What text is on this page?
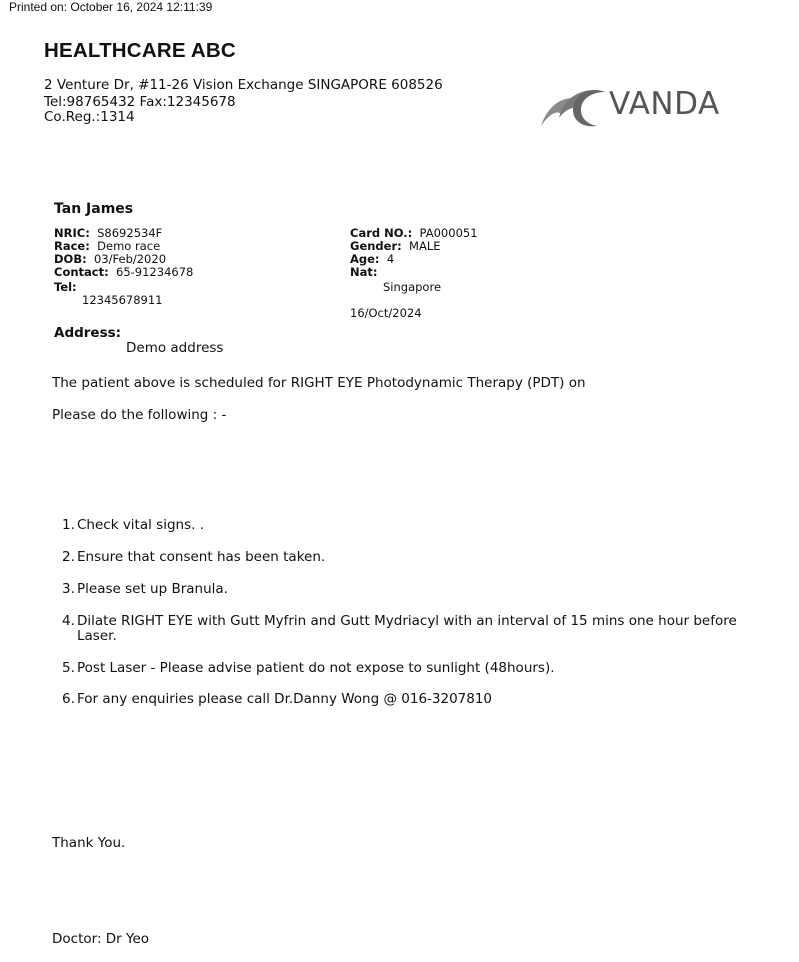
Printed on: October 16, 2024 12:11:39
HEALTHCARE ABC
2 Venture Dr, #11-26 Vision Exchange SINGAPORE 608526
Tel:98765432 Fax:12345678
Co.Reg.:1314	VANDA
Tan James
NRIC: S8692534F
Race: Demo race
DOB: 03/Feb/2020
Contact: 65-91234678
Tel:
12345678911
Card NO.: PA000051
Gender: MALE
Age: 4
Nat:
Singapore
16/Oct/2024
Address:
Demo address
The patient above is scheduled for RIGHT EYE Photodynamic Therapy (PDT) on
Please do the following : -
1. Check vital signs. .
2. Ensure that consent has been taken.
3. Please set up Branula.
4. Dilate RIGHT EYE with Gutt Myfrin and Gutt Mydriacyl with an interval of 15 mins one hour before Laser.
5. Post Laser - Please advise patient do not expose to sunlight (48hours).
6. For any enquiries please call Dr.Danny Wong @ 016-3207810
Thank You.
Doctor: Dr Yeo
